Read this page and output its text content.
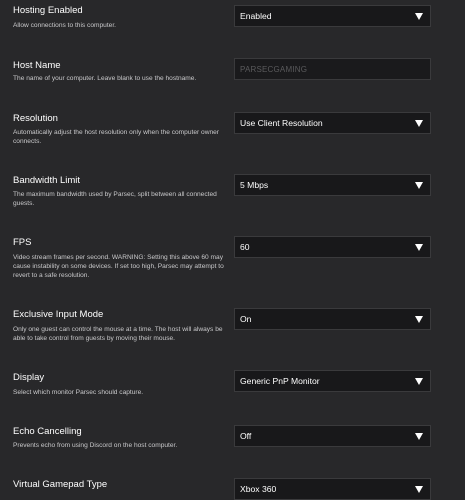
Hosting Enabled
Allow connections to this computer.
Enabled
Host Name
The name of your computer. Leave blank to use the hostname.
PARSECGAMING
Resolution
Automatically adjust the host resolution only when the computer owner connects.
Use Client Resolution
Bandwidth Limit
The maximum bandwidth used by Parsec, split between all connected guests.
5 Mbps
FPS
Video stream frames per second. WARNING: Setting this above 60 may cause instability on some devices. If set too high, Parsec may attempt to revert to a safe resolution.
60
Exclusive Input Mode
Only one guest can control the mouse at a time. The host will always be able to take control from guests by moving their mouse.
On
Display
Select which monitor Parsec should capture.
Generic PnP Monitor
Echo Cancelling
Prevents echo from using Discord on the host computer.
Off
Virtual Gamepad Type	Xbox 360
